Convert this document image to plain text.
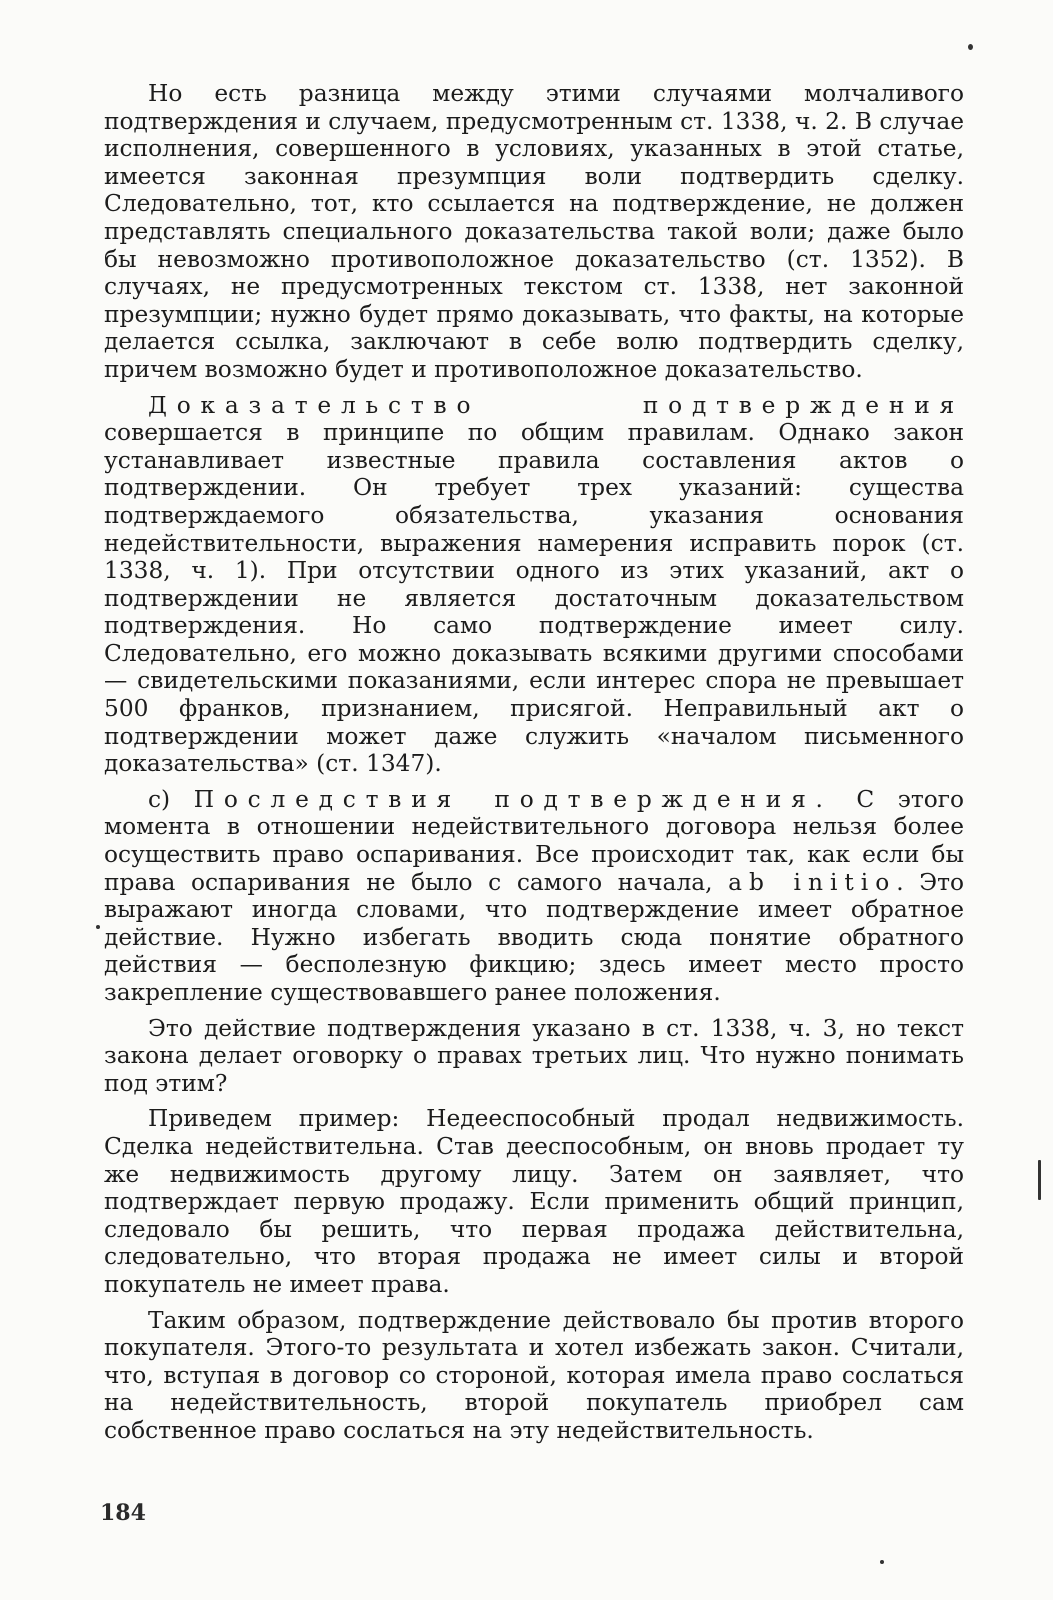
Но есть разница между этими случаями молчаливого подтверждения и случаем, предусмотренным ст. 1338, ч. 2. В случае исполнения, совершенного в условиях, указанных в этой статье, имеется законная презумпция воли подтвердить сделку. Следовательно, тот, кто ссылается на подтверждение, не должен представлять специального доказательства такой воли; даже было бы невозможно противоположное доказательство (ст. 1352). В случаях, не предусмотренных текстом ст. 1338, нет законной презумпции; нужно будет прямо доказывать, что факты, на которые делается ссылка, заключают в себе волю подтвердить сделку, причем возможно будет и противоположное доказательство.

Доказательство подтверждения совершается в принципе по общим правилам. Однако закон устанавливает известные правила составления актов о подтверждении. Он требует трех указаний: существа подтверждаемого обязательства, указания основания недействительности, выражения намерения исправить порок (ст. 1338, ч. 1). При отсутствии одного из этих указаний, акт о подтверждении не является достаточным доказательством подтверждения. Но само подтверждение имеет силу. Следовательно, его можно доказывать всякими другими способами — свидетельскими показаниями, если интерес спора не превышает 500 франков, признанием, присягой. Неправильный акт о подтверждении может даже служить «началом письменного доказательства» (ст. 1347).

c) Последствия подтверждения. С этого момента в отношении недействительного договора нельзя более осуществить право оспаривания. Все происходит так, как если бы права оспаривания не было с самого начала, ab initio. Это выражают иногда словами, что подтверждение имеет обратное действие. Нужно избегать вводить сюда понятие обратного действия — бесполезную фикцию; здесь имеет место просто закрепление существовавшего ранее положения.

Это действие подтверждения указано в ст. 1338, ч. 3, но текст закона делает оговорку о правах третьих лиц. Что нужно понимать под этим?

Приведем пример: Недееспособный продал недвижимость. Сделка недействительна. Став дееспособным, он вновь продает ту же недвижимость другому лицу. Затем он заявляет, что подтверждает первую продажу. Если применить общий принцип, следовало бы решить, что первая продажа действительна, следовательно, что вторая продажа не имеет силы и второй покупатель не имеет права.

Таким образом, подтверждение действовало бы против второго покупателя. Этого-то результата и хотел избежать закон. Считали, что, вступая в договор со стороной, которая имела право сослаться на недействительность, второй покупатель приобрел сам собственное право сослаться на эту недействительность.

184
